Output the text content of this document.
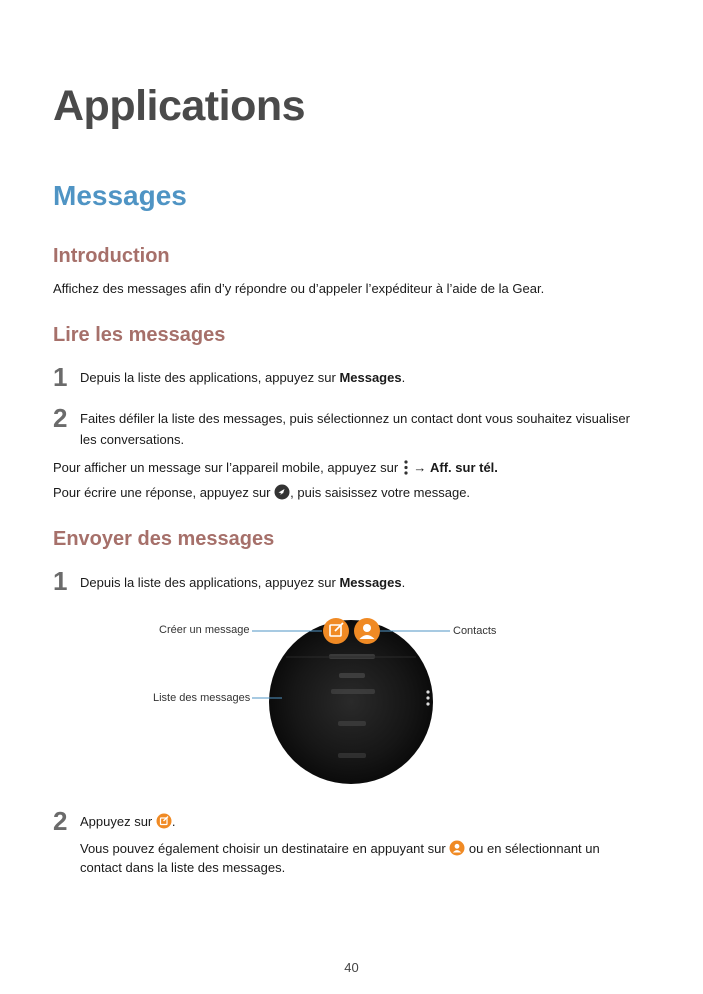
Applications
Messages
Introduction
Affichez des messages afin d’y répondre ou d’appeler l’expéditeur à l’aide de la Gear.
Lire les messages
1 Depuis la liste des applications, appuyez sur Messages.
2 Faites défiler la liste des messages, puis sélectionnez un contact dont vous souhaitez visualiser
les conversations.
Pour afficher un message sur l’appareil mobile, appuyez sur  → Aff. sur tél.
Pour écrire une réponse, appuyez sur , puis saisissez votre message.
Envoyer des messages
1 Depuis la liste des applications, appuyez sur Messages.
Créer un message	Contacts
Liste des messages
2 Appuyez sur .
Vous pouvez également choisir un destinataire en appuyant sur  ou en sélectionnant un
contact dans la liste des messages.
40
